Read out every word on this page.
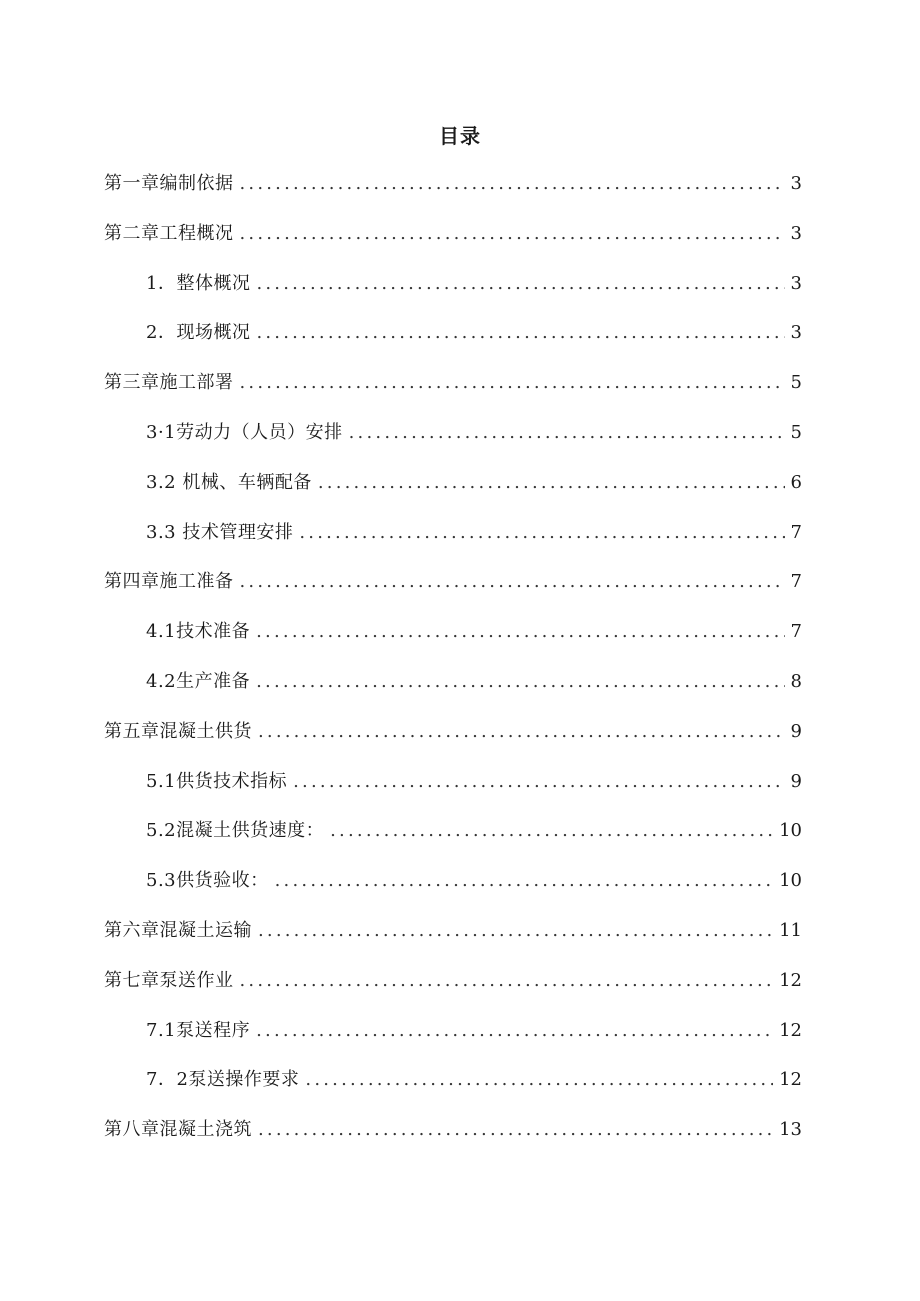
目录
第一章编制依据 .....	3
第二章工程概况 .....	3
1．整体概况 .....	3
2．现场概况 .....	3
第三章施工部署 .....	5
3·1劳动力（人员）安排 .....	5
3.2 机械、车辆配备 .....	6
3.3 技术管理安排 .....	7
第四章施工准备 .....	7
4.1技术准备 .....	7
4.2生产准备 .....	8
第五章混凝土供货 .....	9
5.1供货技术指标 .....	9
5.2混凝土供货速度： .....	10
5.3供货验收： .....	10
第六章混凝土运输 .....	11
第七章泵送作业 .....	12
7.1泵送程序 .....	12
7．2泵送操作要求 .....	12
第八章混凝土浇筑 .....	13
